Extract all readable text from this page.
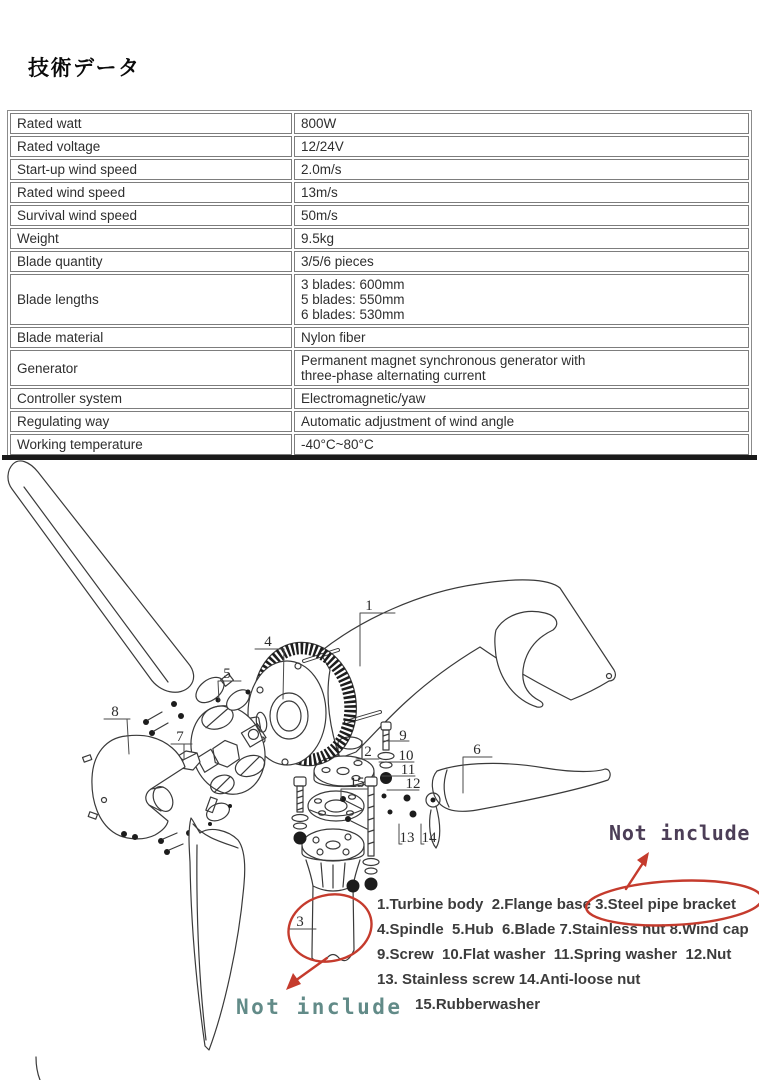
技術データ
Rated watt	800W

Rated voltage	12/24V

Start-up wind speed	2.0m/s

Rated wind speed	13m/s

Survival wind speed	50m/s

Weight	9.5kg

Blade quantity	3/5/6 pieces

Blade lengths	3 blades: 600mm
5 blades: 550mm
6 blades: 530mm

Blade material	Nylon fiber

Generator	Permanent magnet synchronous generator with
three-phase alternating current

Controller system	Electromagnetic/yaw

Regulating way	Automatic adjustment of wind angle

Working temperature	-40°C~80°C
1
2
3
4
5
6
7
8
9
10
11
12
13 14
15
1.Turbine body  2.Flange base 3.Steel pipe bracket
4.Spindle  5.Hub  6.Blade 7.Stainless nut 8.Wind cap
9.Screw  10.Flat washer  11.Spring washer  12.Nut
13. Stainless screw 14.Anti-loose nut
15.Rubberwasher
Not include
Not include
